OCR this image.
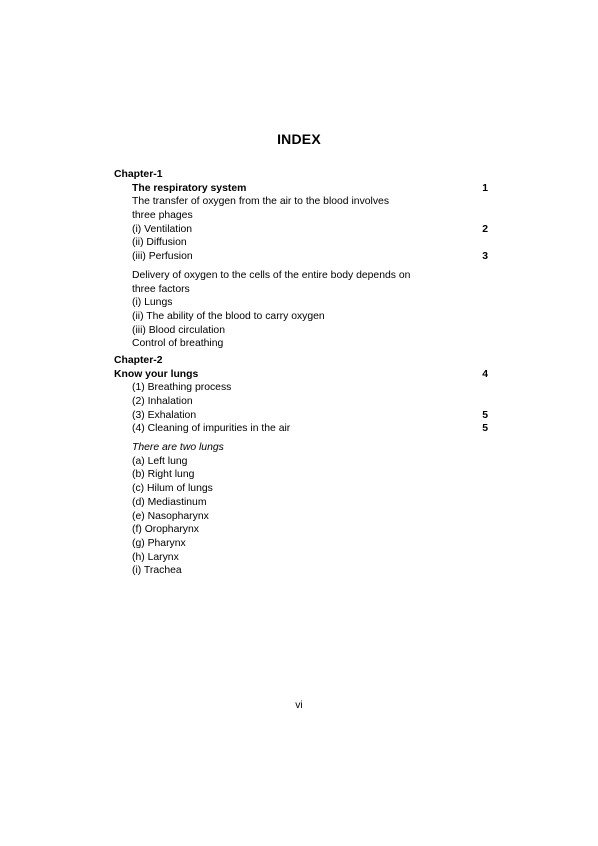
INDEX
Chapter-1
The respiratory system	1
The transfer of oxygen from the air to the blood involves
three phages
(i) Ventilation	2
(ii) Diffusion
(iii) Perfusion	3
Delivery of oxygen to the cells of the entire body depends on
three factors
(i) Lungs
(ii) The ability of the blood to carry oxygen
(iii) Blood circulation
Control of breathing
Chapter-2
Know your lungs	4
(1) Breathing process
(2) Inhalation
(3) Exhalation	5
(4) Cleaning of impurities in the air	5
There are two lungs
(a) Left lung
(b) Right lung
(c) Hilum of lungs
(d) Mediastinum
(e) Nasopharynx
(f) Oropharynx
(g) Pharynx
(h) Larynx
(i) Trachea
vi
